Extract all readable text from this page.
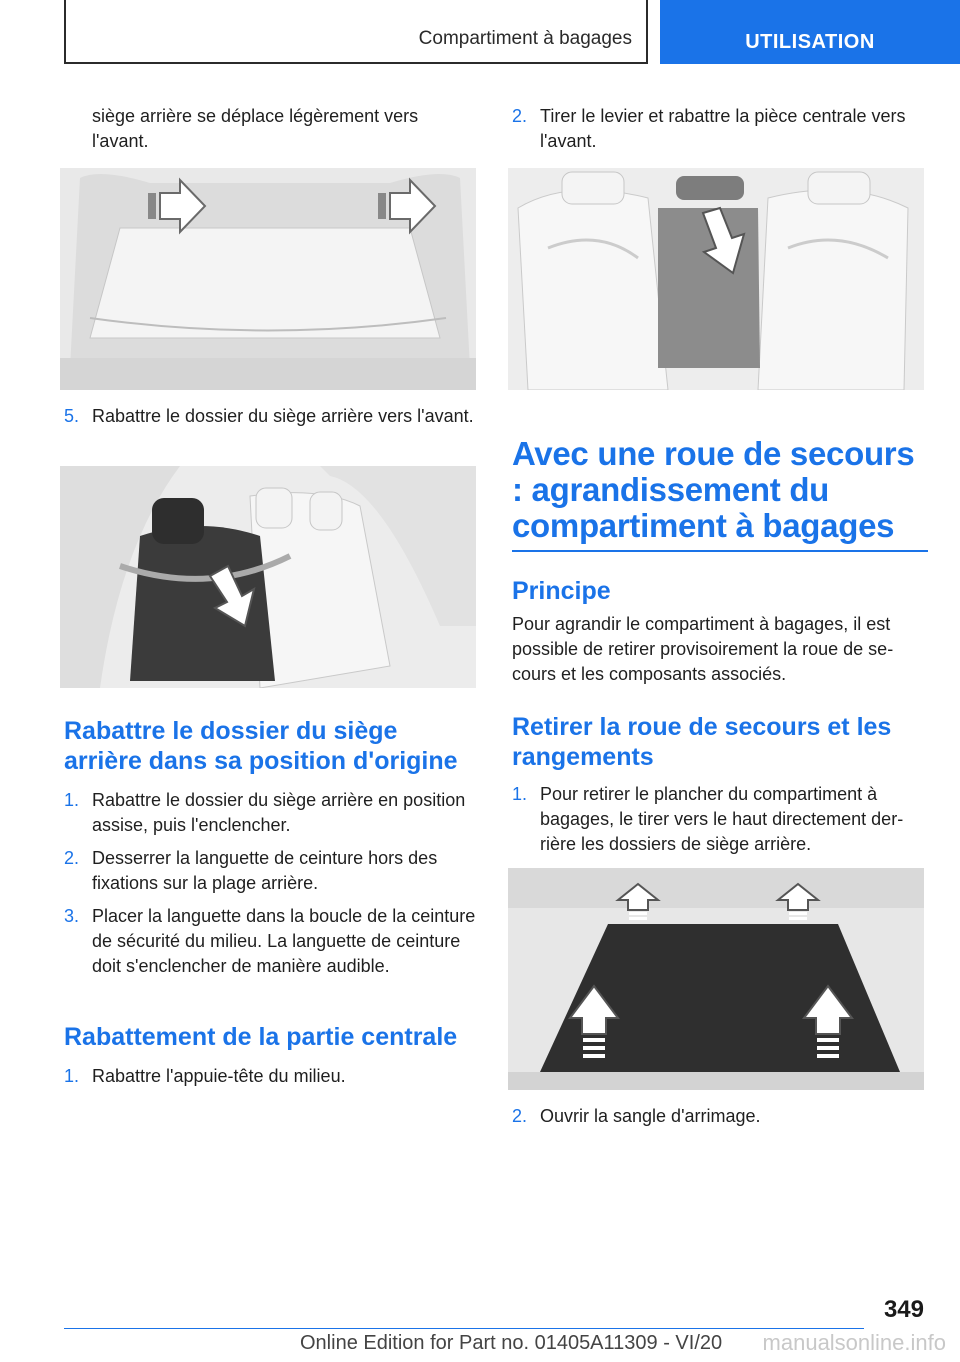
Compartiment à bagages	UTILISATION

siège arrière se déplace légèrement vers l'avant.

5. Rabattre le dossier du siège arrière vers l'avant.
Rabattre le dossier du siège arrière dans sa position d'origine
1. Rabattre le dossier du siège arrière en position assise, puis l'enclencher.
2. Desserrer la languette de ceinture hors des fixations sur la plage arrière.
3. Placer la languette dans la boucle de la ceinture de sécurité du milieu. La languette de ceinture doit s'enclencher de manière audible.
Rabattement de la partie centrale
1. Rabattre l'appuie-tête du milieu.
2. Tirer le levier et rabattre la pièce centrale vers l'avant.
Avec une roue de secours : agrandissement du compartiment à bagages
Principe

Pour agrandir le compartiment à bagages, il est possible de retirer provisoirement la roue de secours et les composants associés.

Retirer la roue de secours et les rangements
1. Pour retirer le plancher du compartiment à bagages, le tirer vers le haut directement derrière les dossiers de siège arrière.
2. Ouvrir la sangle d'arrimage.
349
Online Edition for Part no. 01405A11309 - VI/20 manualsonline.info
